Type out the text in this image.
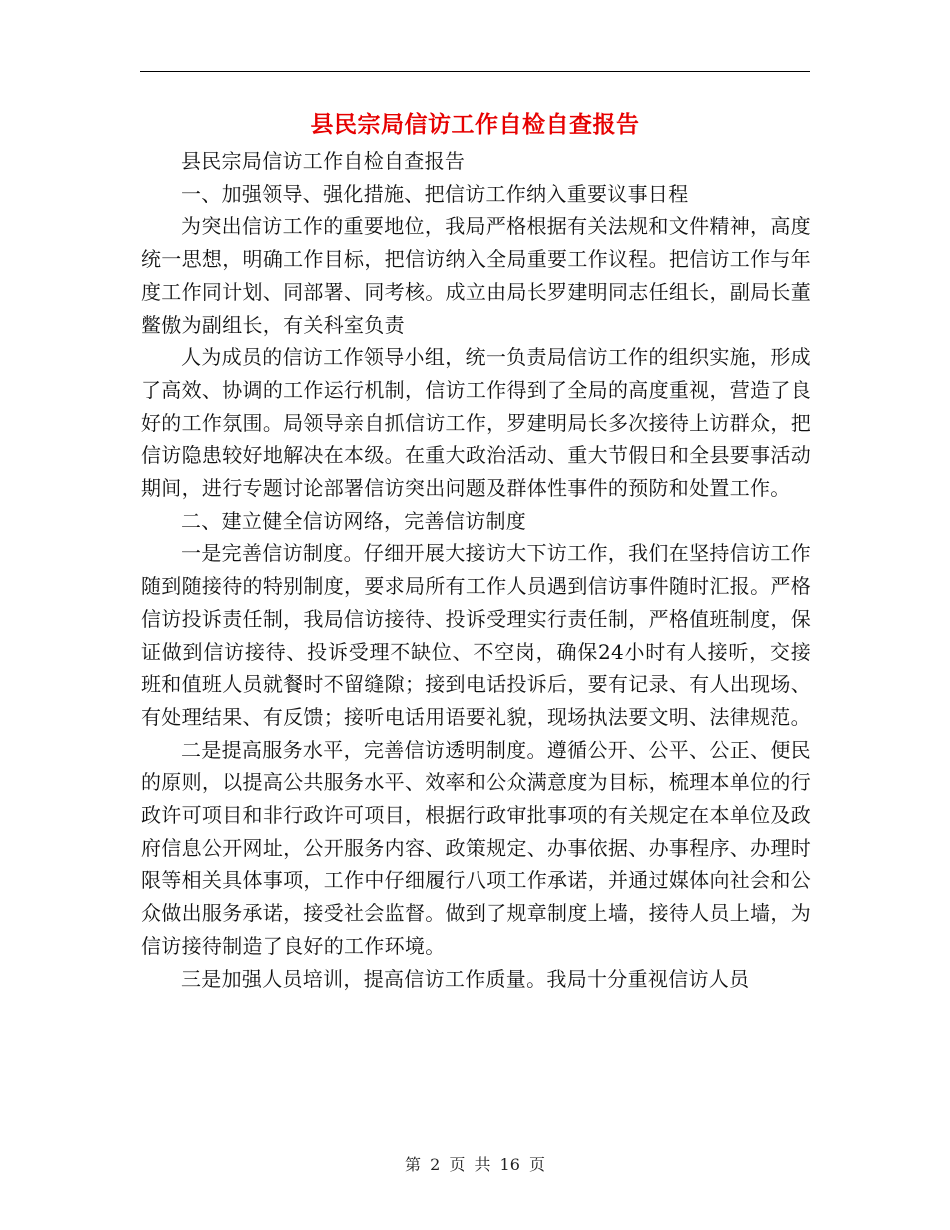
县民宗局信访工作自检自查报告

县民宗局信访工作自检自查报告

一、加强领导、强化措施、把信访工作纳入重要议事日程

为突出信访工作的重要地位，我局严格根据有关法规和文件精神，高度统一思想，明确工作目标，把信访纳入全局重要工作议程。把信访工作与年度工作同计划、同部署、同考核。成立由局长罗建明同志任组长，副局长董鳖傲为副组长，有关科室负责

人为成员的信访工作领导小组，统一负责局信访工作的组织实施，形成了高效、协调的工作运行机制，信访工作得到了全局的高度重视，营造了良好的工作氛围。局领导亲自抓信访工作，罗建明局长多次接待上访群众，把信访隐患较好地解决在本级。在重大政治活动、重大节假日和全县要事活动期间，进行专题讨论部署信访突出问题及群体性事件的预防和处置工作。

二、建立健全信访网络，完善信访制度

一是完善信访制度。仔细开展大接访大下访工作，我们在坚持信访工作随到随接待的特别制度，要求局所有工作人员遇到信访事件随时汇报。严格信访投诉责任制，我局信访接待、投诉受理实行责任制，严格值班制度，保证做到信访接待、投诉受理不缺位、不空岗，确保24小时有人接听，交接班和值班人员就餐时不留缝隙；接到电话投诉后，要有记录、有人出现场、有处理结果、有反馈；接听电话用语要礼貌，现场执法要文明、法律规范。

二是提高服务水平，完善信访透明制度。遵循公开、公平、公正、便民的原则，以提高公共服务水平、效率和公众满意度为目标，梳理本单位的行政许可项目和非行政许可项目，根据行政审批事项的有关规定在本单位及政府信息公开网址，公开服务内容、政策规定、办事依据、办事程序、办理时限等相关具体事项，工作中仔细履行八项工作承诺，并通过媒体向社会和公众做出服务承诺，接受社会监督。做到了规章制度上墙，接待人员上墙，为信访接待制造了良好的工作环境。

三是加强人员培训，提高信访工作质量。我局十分重视信访人员

第 2 页 共 16 页
